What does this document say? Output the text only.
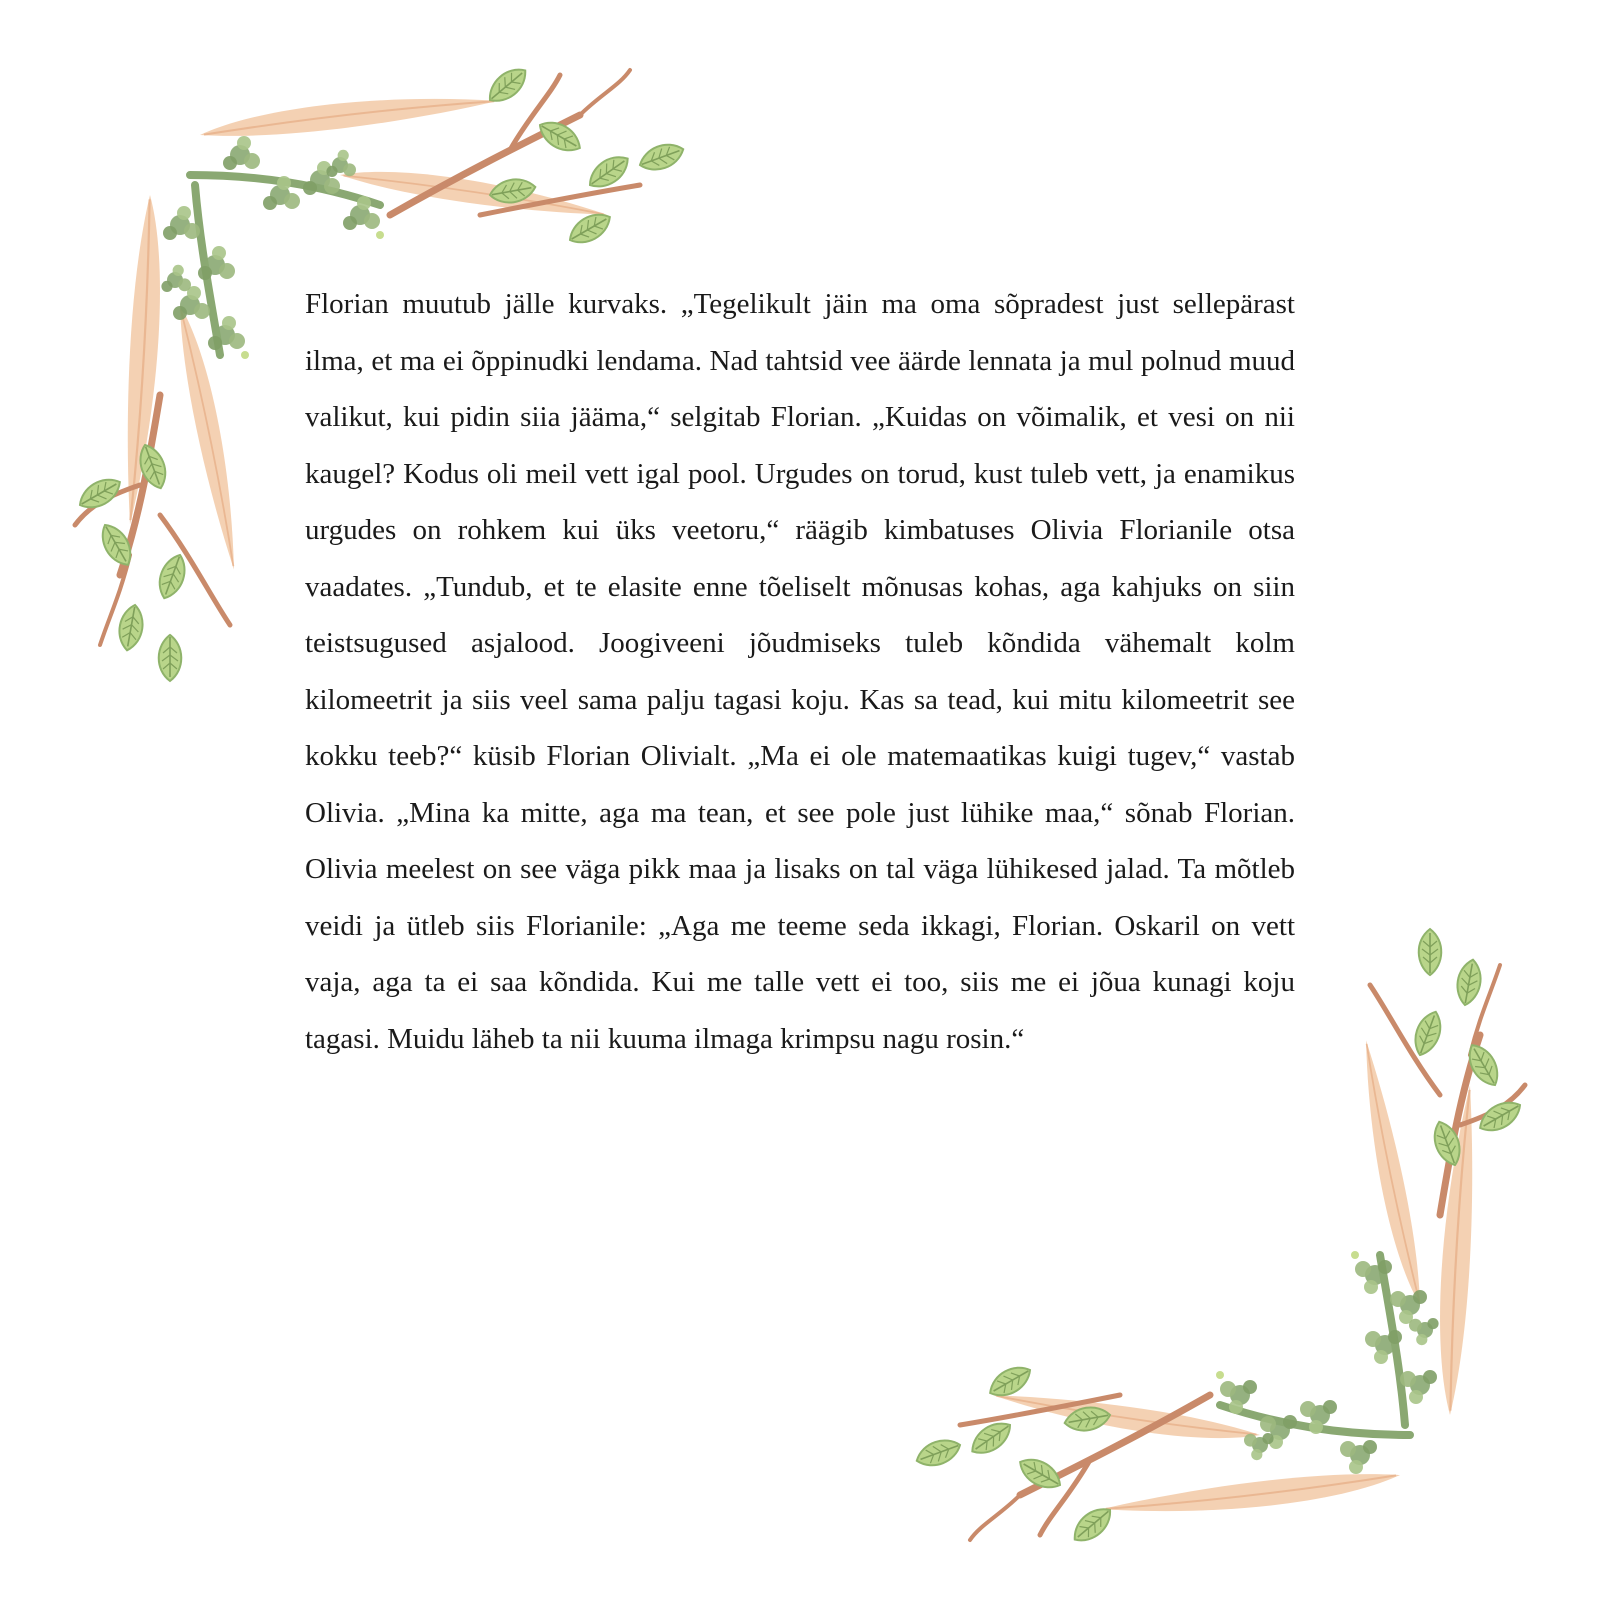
Florian muutub jälle kurvaks. „Tegelikult jäin ma oma sõpradest just sellepärast ilma, et ma ei õppinudki lendama. Nad tahtsid vee äärde lennata ja mul polnud muud valikut, kui pidin siia jääma,“ selgitab Florian. „Kuidas on võimalik, et vesi on nii kaugel? Kodus oli meil vett igal pool. Urgudes on torud, kust tuleb vett, ja enamikus urgudes on rohkem kui üks veetoru,“ räägib kimbatuses Olivia Florianile otsa vaadates. „Tundub, et te elasite enne tõeliselt mõnusas kohas, aga kahjuks on siin teistsugused asjalood. Joogiveeni jõudmiseks tuleb kõndida vähemalt kolm kilomeetrit ja siis veel sama palju tagasi koju. Kas sa tead, kui mitu kilomeetrit see kokku teeb?“ küsib Florian Olivialt. „Ma ei ole matemaatikas kuigi tugev,“ vastab Olivia. „Mina ka mitte, aga ma tean, et see pole just lühike maa,“ sõnab Florian. Olivia meelest on see väga pikk maa ja lisaks on tal väga lühikesed jalad. Ta mõtleb veidi ja ütleb siis Florianile: „Aga me teeme seda ikkagi, Florian. Oskaril on vett vaja, aga ta ei saa kõndida. Kui me talle vett ei too, siis me ei jõua kunagi koju tagasi. Muidu läheb ta nii kuuma ilmaga krimpsu nagu rosin.“
